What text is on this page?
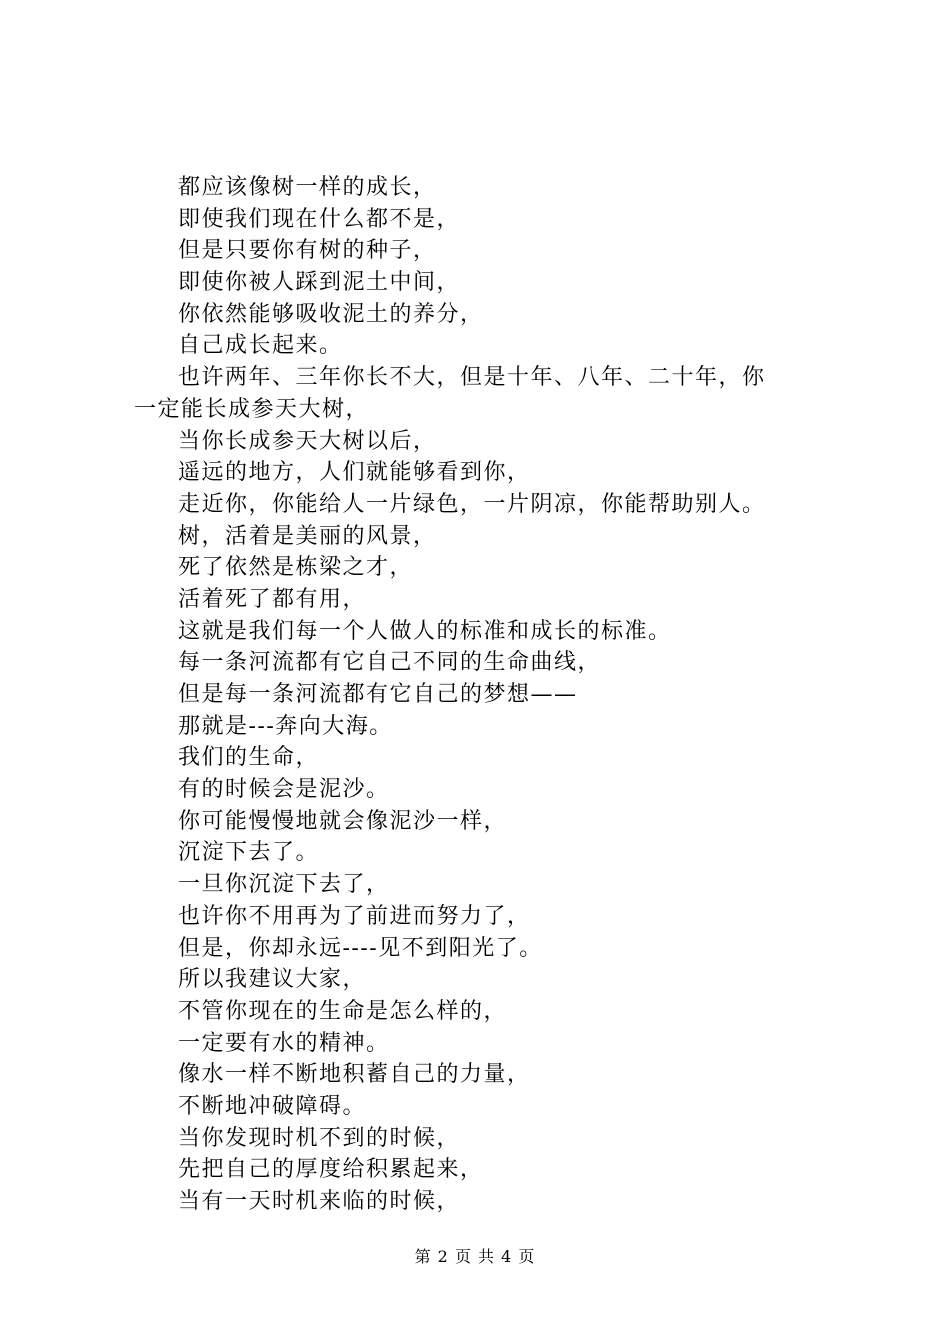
都应该像树一样的成长，
即使我们现在什么都不是，
但是只要你有树的种子，
即使你被人踩到泥土中间，
你依然能够吸收泥土的养分，
自己成长起来。
也许两年、三年你长不大，但是十年、八年、二十年，你
一定能长成参天大树，
当你长成参天大树以后，
遥远的地方，人们就能够看到你，
走近你，你能给人一片绿色，一片阴凉，你能帮助别人。
树，活着是美丽的风景，
死了依然是栋梁之才，
活着死了都有用，
这就是我们每一个人做人的标准和成长的标准。
每一条河流都有它自己不同的生命曲线，
但是每一条河流都有它自己的梦想——
那就是---奔向大海。
我们的生命，
有的时候会是泥沙。
你可能慢慢地就会像泥沙一样，
沉淀下去了。
一旦你沉淀下去了，
也许你不用再为了前进而努力了，
但是，你却永远----见不到阳光了。
所以我建议大家，
不管你现在的生命是怎么样的，
一定要有水的精神。
像水一样不断地积蓄自己的力量，
不断地冲破障碍。
当你发现时机不到的时候，
先把自己的厚度给积累起来，
当有一天时机来临的时候，
第 2 页 共 4 页
